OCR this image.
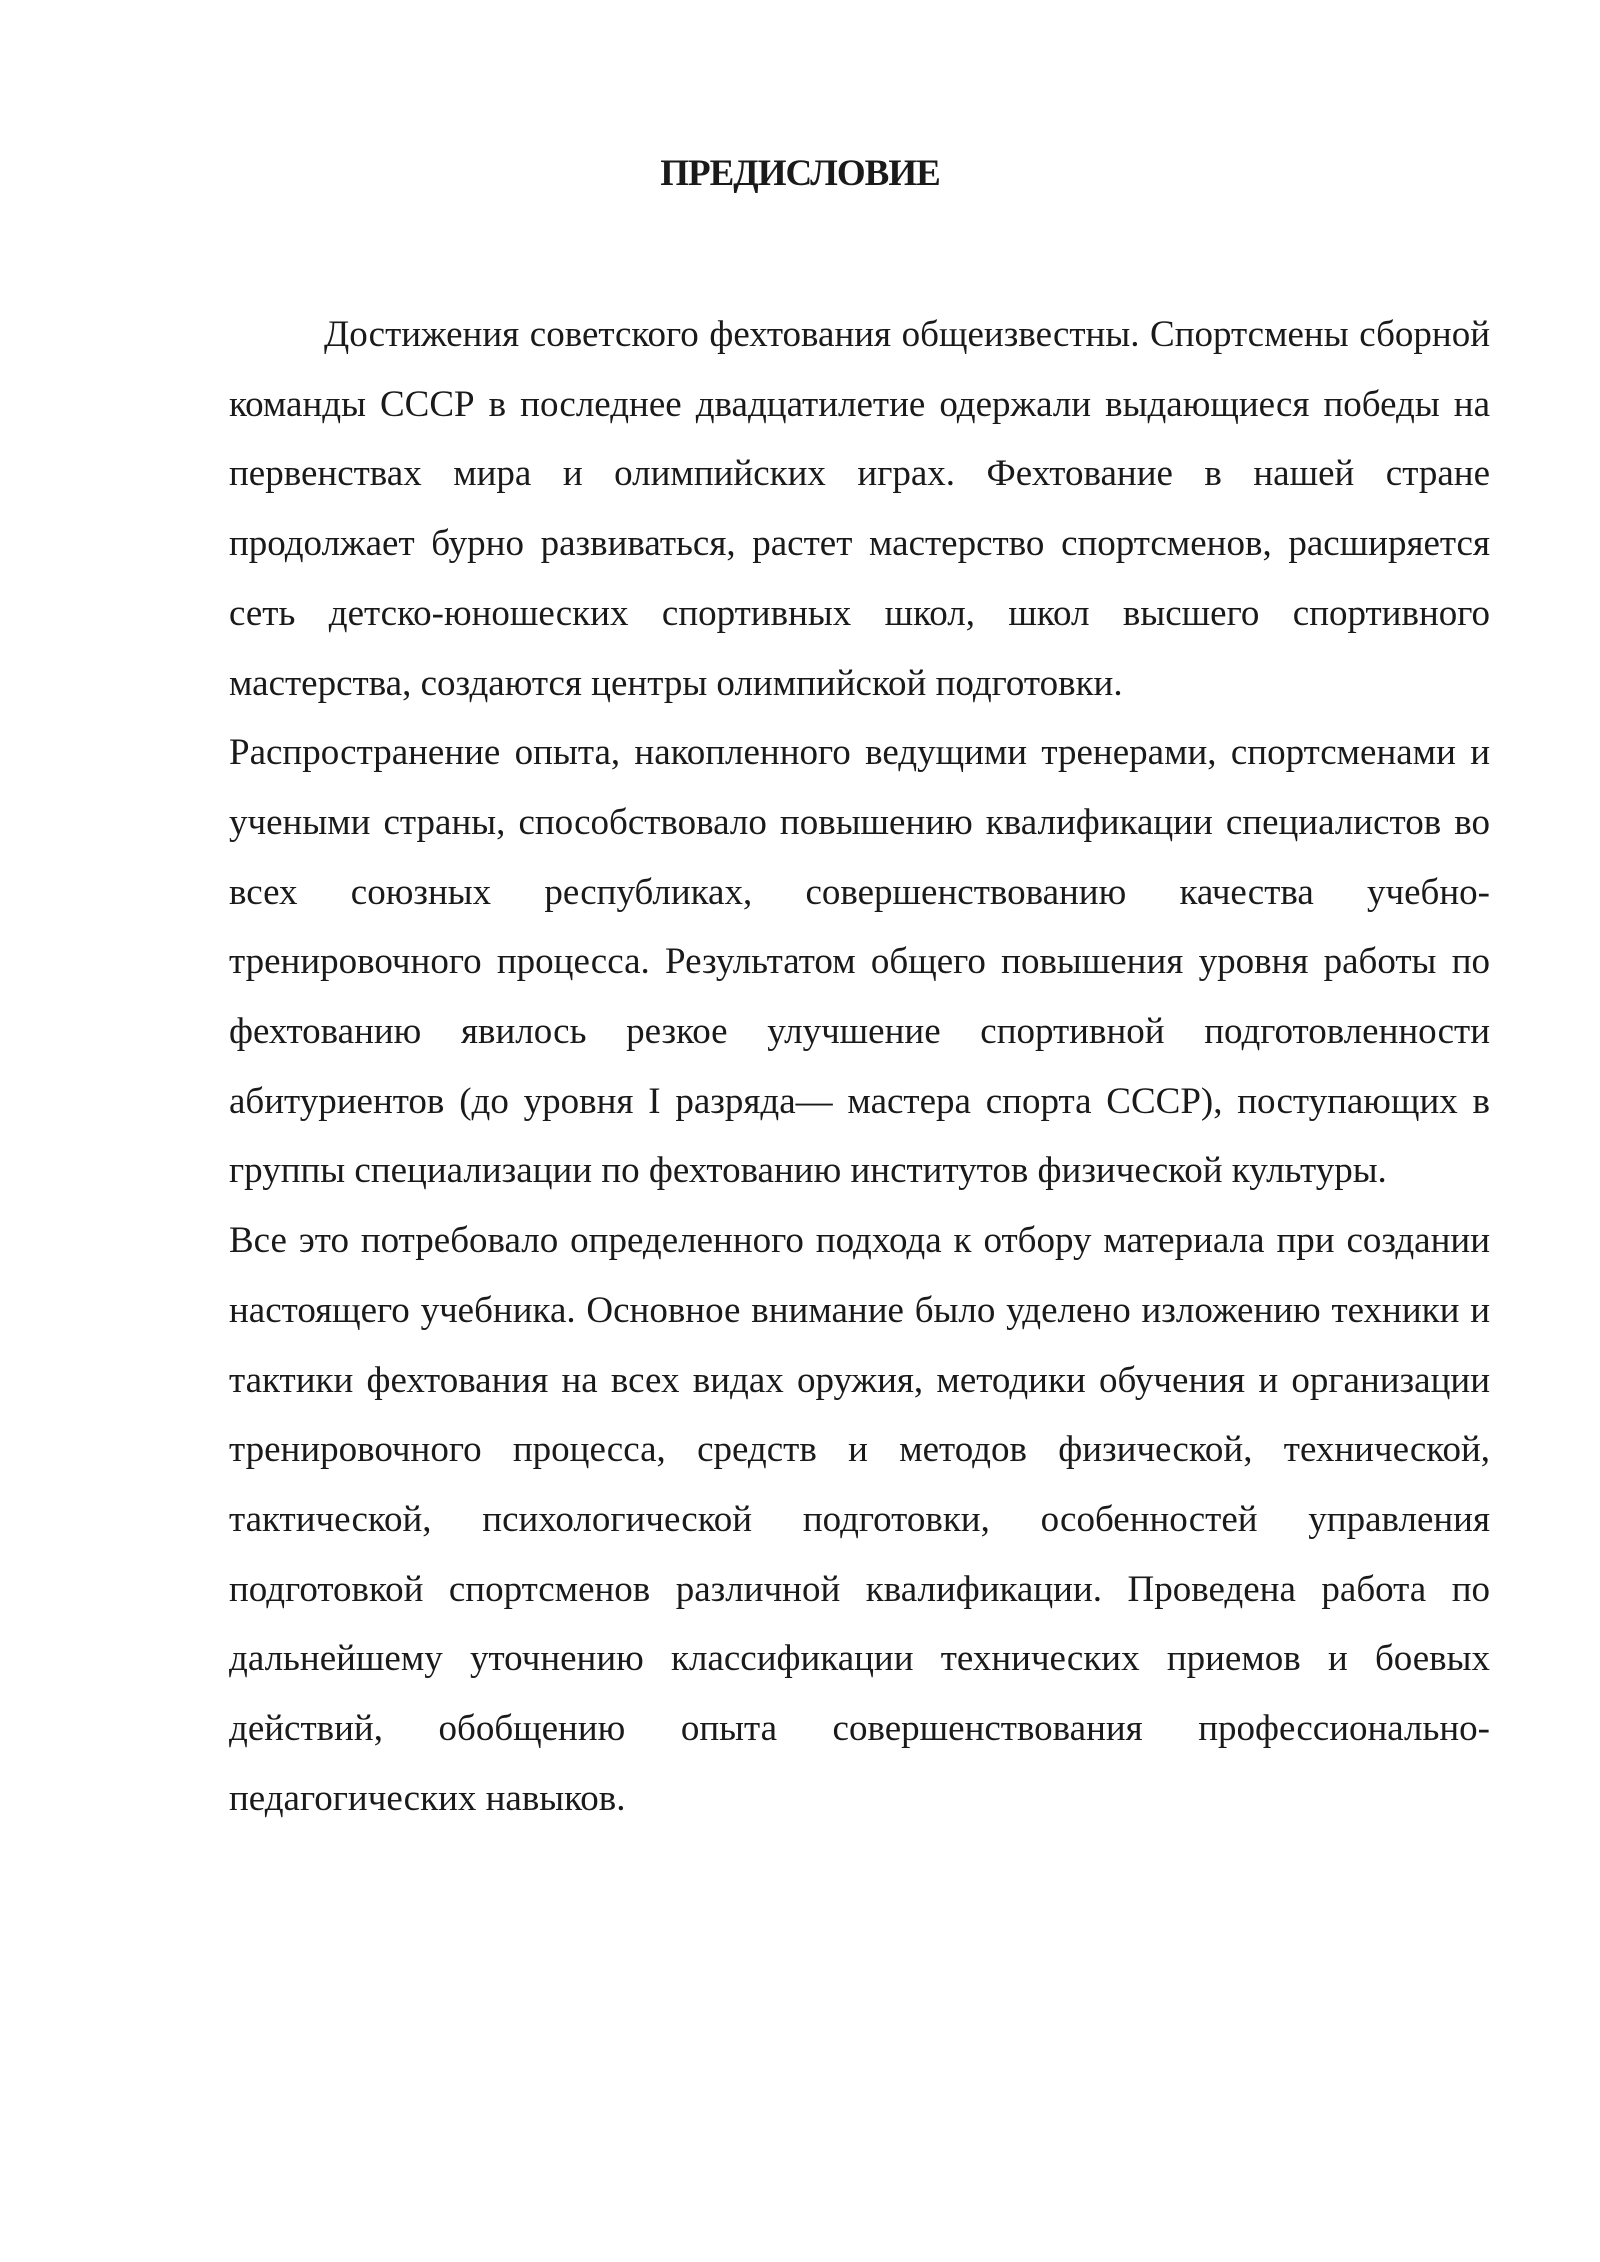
ПРЕДИСЛОВИЕ

Достижения советского фехтования общеизвестны. Спортсмены сборной команды СССР в последнее двадцатилетие одержали выдающиеся победы на первенствах мира и олимпийских играх. Фехтование в нашей стране продолжает бурно развиваться, растет мастерство спортсменов, расширяется сеть детско-юношеских спортивных школ, школ высшего спортивного мастерства, создаются центры олимпийской подготовки.

Распространение опыта, накопленного ведущими тренерами, спортсменами и учеными страны, способствовало повышению квалификации специалистов во всех союзных республиках, совершенствованию качества учебно-тренировочного процесса. Результатом общего повышения уровня работы по фехтованию явилось резкое улучшение спортивной подготовленности абитуриентов (до уровня I разряда— мастера спорта СССР), поступающих в группы специализации по фехтованию институтов физической культуры.

Все это потребовало определенного подхода к отбору материала при создании настоящего учебника. Основное внимание было уделено изложению техники и тактики фехтования на всех видах оружия, методики обучения и организации тренировочного процесса, средств и методов физической, технической, тактической, психологической подготовки, особенностей управления подготовкой спортсменов различной квалификации. Проведена работа по дальнейшему уточнению классификации технических приемов и боевых действий, обобщению опыта совершенствования профессионально-педагогических навыков.
